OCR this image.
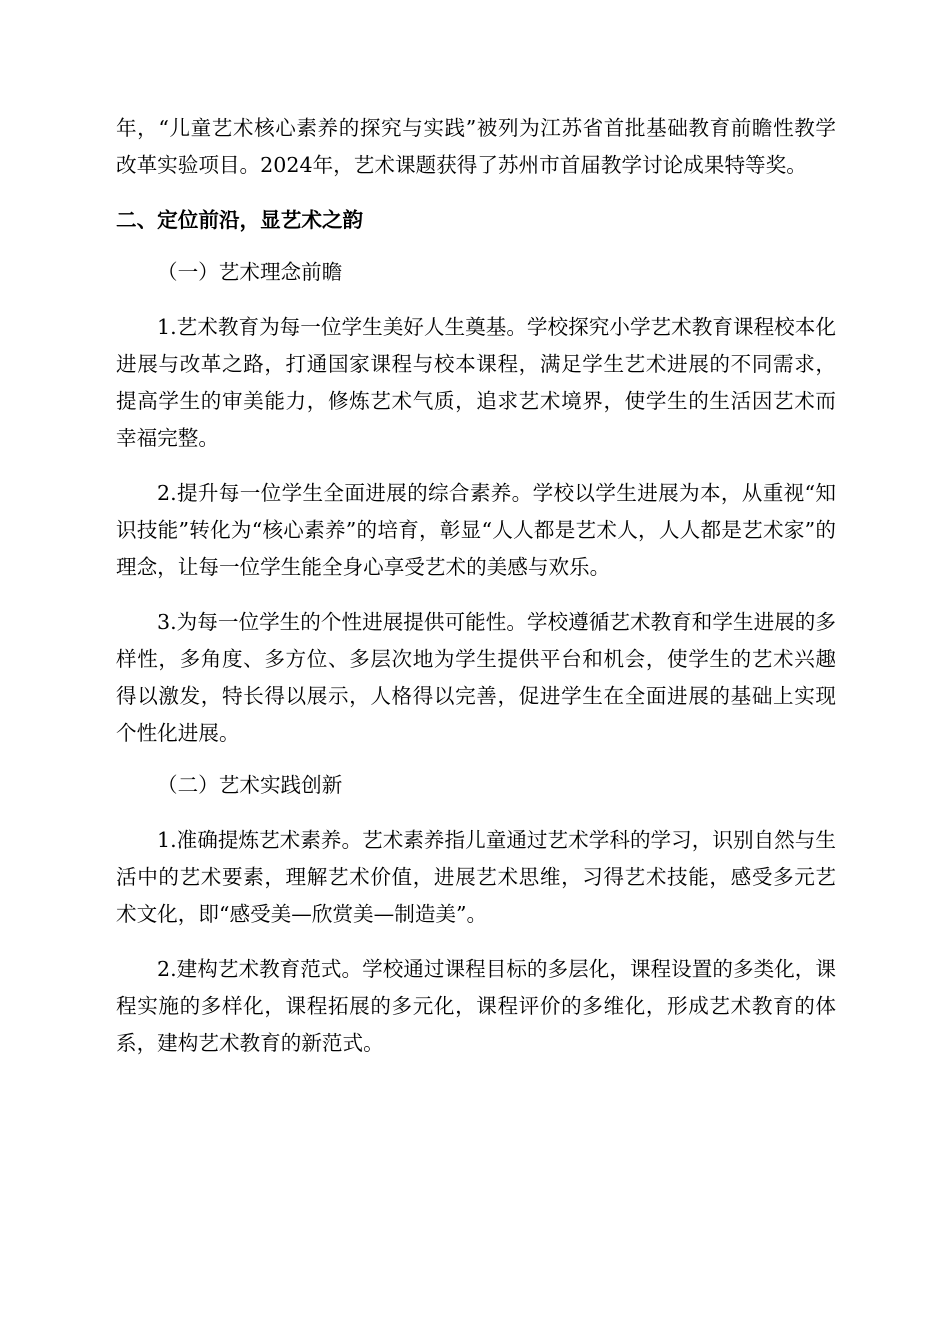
年，“儿童艺术核心素养的探究与实践”被列为江苏省首批基础教育前瞻性教学改革实验项目。2024年，艺术课题获得了苏州市首届教学讨论成果特等奖。

二、定位前沿，显艺术之韵

（一）艺术理念前瞻

1.艺术教育为每一位学生美好人生奠基。学校探究小学艺术教育课程校本化进展与改革之路，打通国家课程与校本课程，满足学生艺术进展的不同需求，提高学生的审美能力，修炼艺术气质，追求艺术境界，使学生的生活因艺术而幸福完整。

2.提升每一位学生全面进展的综合素养。学校以学生进展为本，从重视“知识技能”转化为“核心素养”的培育，彰显“人人都是艺术人，人人都是艺术家”的理念，让每一位学生能全身心享受艺术的美感与欢乐。

3.为每一位学生的个性进展提供可能性。学校遵循艺术教育和学生进展的多样性，多角度、多方位、多层次地为学生提供平台和机会，使学生的艺术兴趣得以激发，特长得以展示，人格得以完善，促进学生在全面进展的基础上实现个性化进展。

（二）艺术实践创新

1.准确提炼艺术素养。艺术素养指儿童通过艺术学科的学习，识别自然与生活中的艺术要素，理解艺术价值，进展艺术思维，习得艺术技能，感受多元艺术文化，即“感受美—欣赏美—制造美”。

2.建构艺术教育范式。学校通过课程目标的多层化，课程设置的多类化，课程实施的多样化，课程拓展的多元化，课程评价的多维化，形成艺术教育的体系，建构艺术教育的新范式。
